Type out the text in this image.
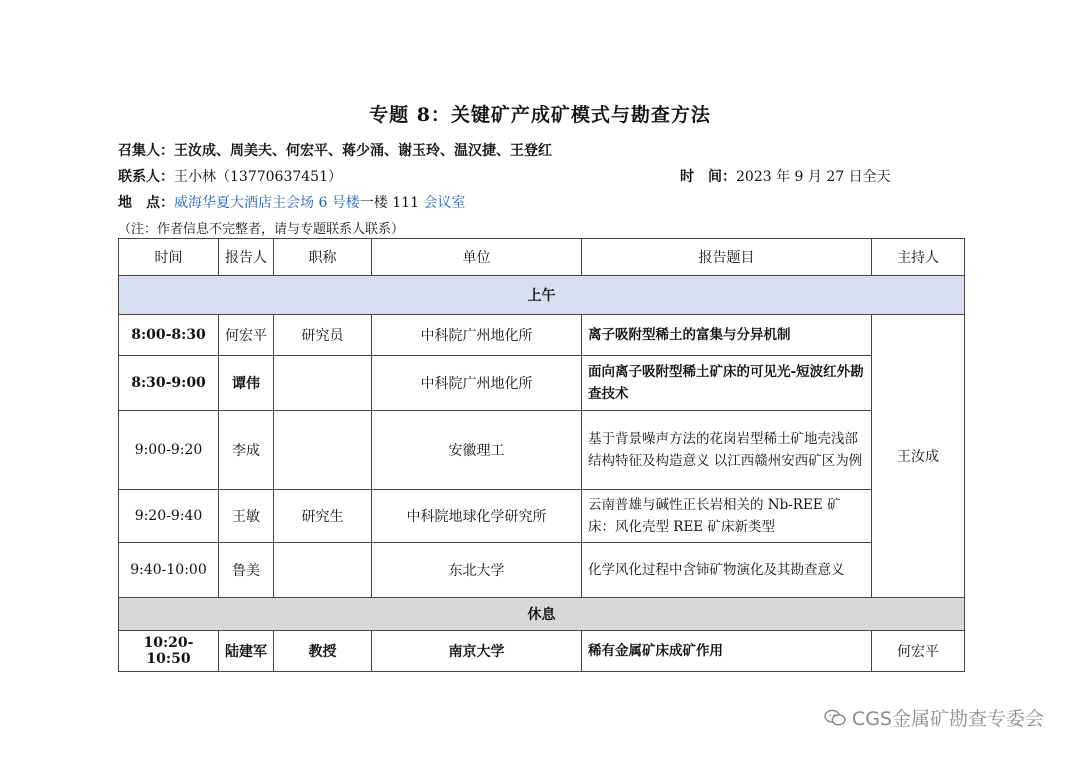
专题 8：关键矿产成矿模式与勘查方法
召集人：王汝成、周美夫、何宏平、蒋少涌、谢玉玲、温汉捷、王登红
联系人：王小林（13770637451）	时　间：2023 年 9 月 27 日全天
地　点：威海华夏大酒店主会场 6 号楼一楼 111 会议室
（注：作者信息不完整者，请与专题联系人联系）
时间	报告人	职称	单位	报告题目	主持人
上午					
8:00-8:30	何宏平	研究员	中科院广州地化所	离子吸附型稀土的富集与分异机制	王汝成
8:30-9:00	谭伟		中科院广州地化所	面向离子吸附型稀土矿床的可见光-短波红外勘查技术	
9:00-9:20	李成		安徽理工	基于背景噪声方法的花岗岩型稀土矿地壳浅部结构特征及构造意义 以江西赣州安西矿区为例	
9:20-9:40	王敏	研究生	中科院地球化学研究所	云南普雄与碱性正长岩相关的 Nb-REE 矿床：风化壳型 REE 矿床新类型	
9:40-10:00	鲁美		东北大学	化学风化过程中含铈矿物演化及其勘查意义	
休息					
10:20-10:50	陆建军	教授	南京大学	稀有金属矿床成矿作用	何宏平
CGS金属矿勘查专委会
